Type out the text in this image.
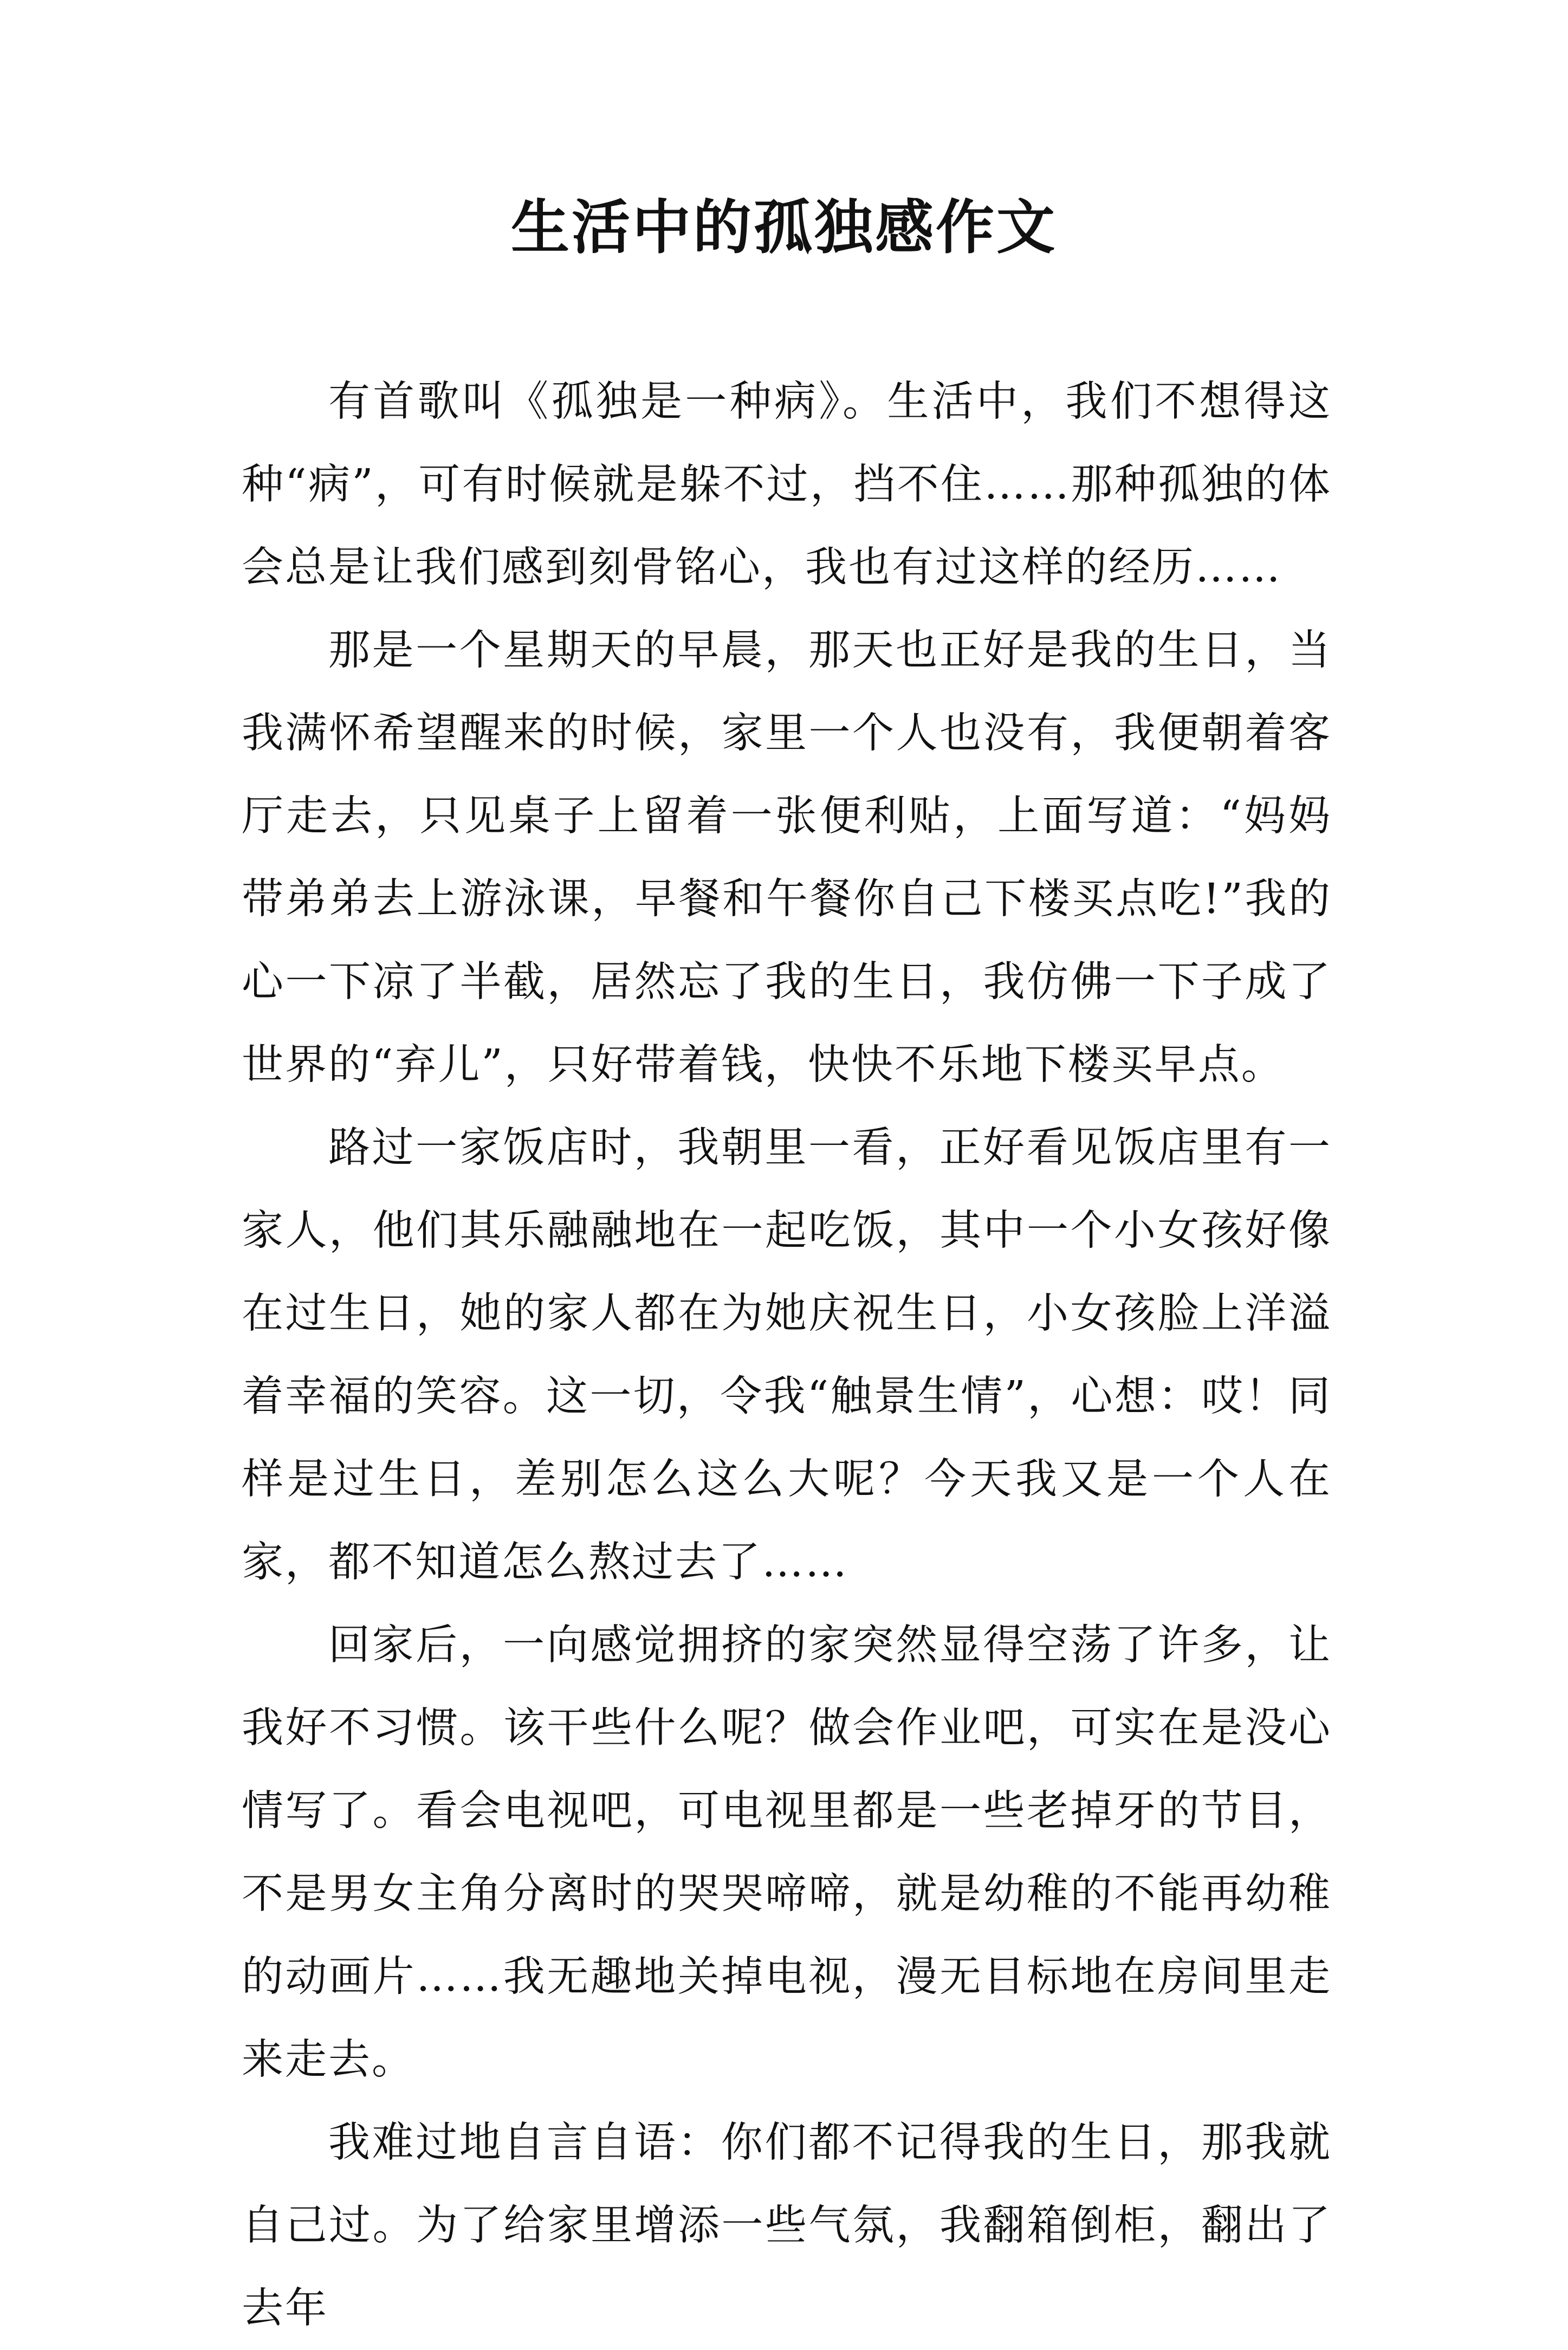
生活中的孤独感作文

有首歌叫《孤独是一种病》。生活中，我们不想得这种“病”，可有时候就是躲不过，挡不住……那种孤独的体会总是让我们感到刻骨铭心，我也有过这样的经历……

那是一个星期天的早晨，那天也正好是我的生日，当我满怀希望醒来的时候，家里一个人也没有，我便朝着客厅走去，只见桌子上留着一张便利贴，上面写道：“妈妈带弟弟去上游泳课，早餐和午餐你自己下楼买点吃!”我的心一下凉了半截，居然忘了我的生日，我仿佛一下子成了世界的“弃儿”，只好带着钱，快快不乐地下楼买早点。

路过一家饭店时，我朝里一看，正好看见饭店里有一家人，他们其乐融融地在一起吃饭，其中一个小女孩好像在过生日，她的家人都在为她庆祝生日，小女孩脸上洋溢着幸福的笑容。这一切，令我“触景生情”，心想：哎！同样是过生日，差别怎么这么大呢？今天我又是一个人在家，都不知道怎么熬过去了……

回家后，一向感觉拥挤的家突然显得空荡了许多，让我好不习惯。该干些什么呢？做会作业吧，可实在是没心情写了。看会电视吧，可电视里都是一些老掉牙的节目，不是男女主角分离时的哭哭啼啼，就是幼稚的不能再幼稚的动画片……我无趣地关掉电视，漫无目标地在房间里走来走去。

我难过地自言自语：你们都不记得我的生日，那我就自己过。为了给家里增添一些气氛，我翻箱倒柜，翻出了去年
